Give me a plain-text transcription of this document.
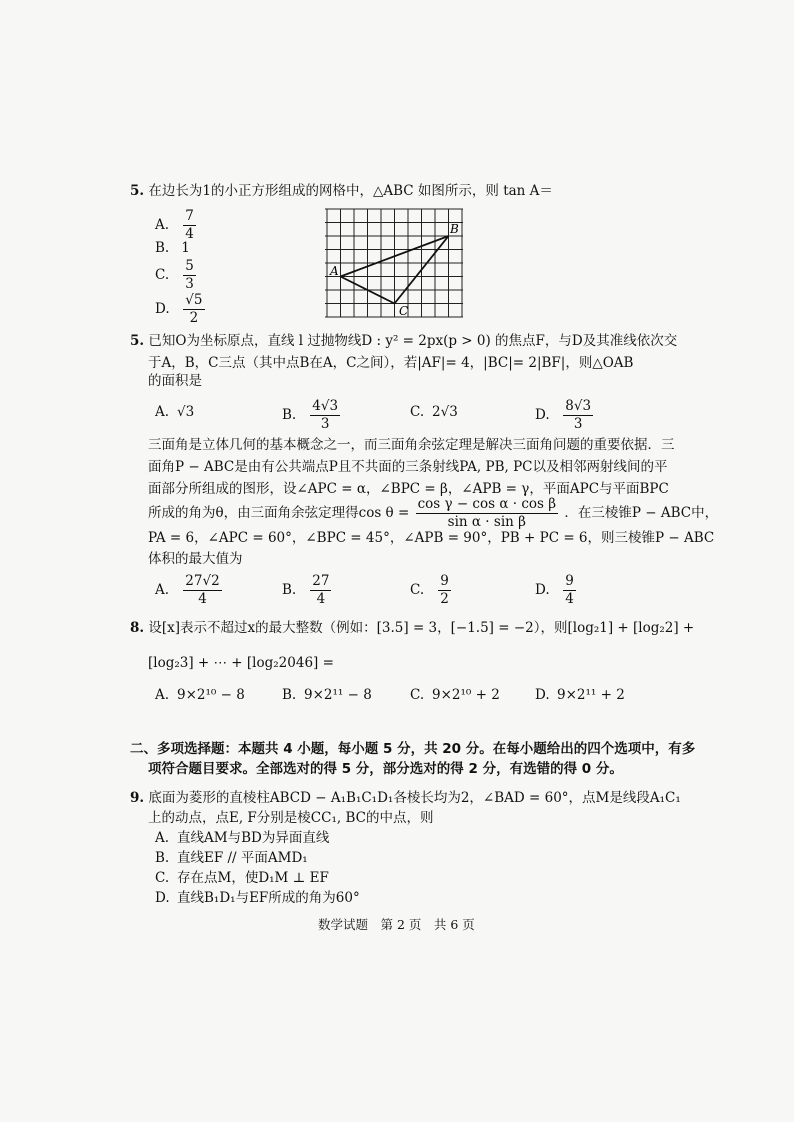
5. 在边长为1的小正方形组成的网格中，△ABC 如图所示，则 tan A＝
A. $\frac{7}{4}$
B. 1
C. $\frac{5}{3}$
D. $\frac{√5}{2}$
A
B
C
5. 已知O为坐标原点，直线 l 过抛物线D : y² = 2px(p > 0) 的焦点F，与D及其准线依次交
于A，B，C三点（其中点B在A，C之间），若|AF|= 4，|BC|= 2|BF|，则△OAB
的面积是
A. √3	B. $\frac{4√3}{3}$	C. 2√3	D. $\frac{8√3}{3}$
三面角是立体几何的基本概念之一，而三面角余弦定理是解决三面角问题的重要依据．三
面角P − ABC是由有公共端点P且不共面的三条射线PA, PB, PC以及相邻两射线间的平
面部分所组成的图形，设∠APC = α，∠BPC = β，∠APB = γ，平面APC与平面BPC
所成的角为θ，由三面角余弦定理得$\cos \theta = \frac{\text{cos γ − cos α · cos β}}{\text{sin α · sin β}}$ ．在三棱锥P − ABC中，
PA = 6，∠APC = 60°，∠BPC = 45°，∠APB = 90°，PB + PC = 6，则三棱锥P − ABC
体积的最大值为
A. $\frac{27√2}{4}$	B. $\frac{27}{4}$	C. $\frac{9}{2}$	D. $\frac{9}{4}$
8. 设[x]表示不超过x的最大整数（例如：[3.5] = 3，[−1.5] = −2），则[log₂1] + [log₂2] +
[log₂3] + ⋯ + [log₂2046] =
A. 9×2¹⁰ − 8	B. 9×2¹¹ − 8	C. 9×2¹⁰ + 2	D. 9×2¹¹ + 2
二、多项选择题：本题共 4 小题，每小题 5 分，共 20 分。在每小题给出的四个选项中，有多
项符合题目要求。全部选对的得 5 分，部分选对的得 2 分，有选错的得 0 分。
9. 底面为菱形的直棱柱ABCD − A₁B₁C₁D₁各棱长均为2，∠BAD = 60°，点M是线段A₁C₁
上的动点，点E, F分别是棱CC₁, BC的中点，则
A. 直线AM与BD为异面直线
B. 直线EF // 平面AMD₁
C. 存在点M，使D₁M ⊥ EF
D. 直线B₁D₁与EF所成的角为60°
数学试题　第 2 页　共 6 页
